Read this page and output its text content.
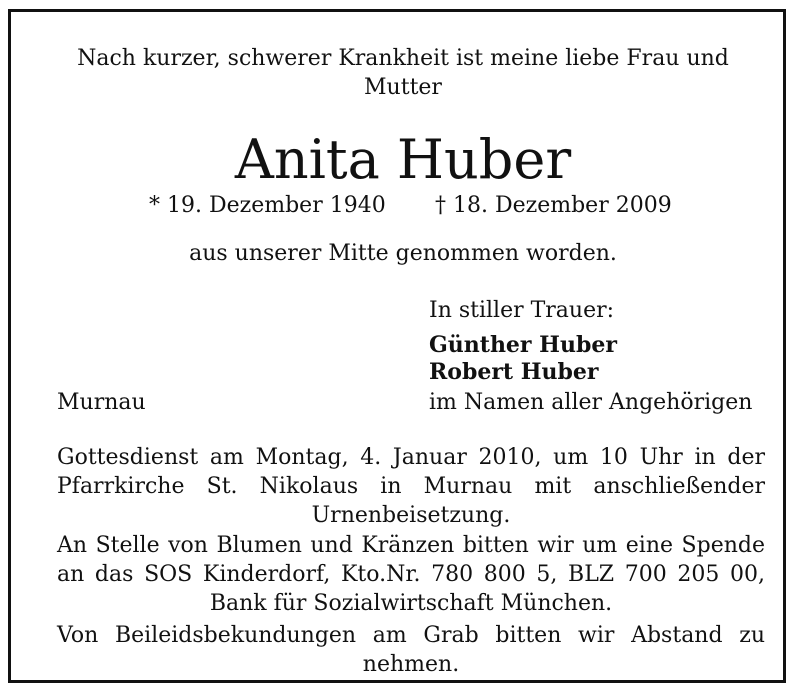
Nach kurzer, schwerer Krankheit ist meine liebe Frau und Mutter
Anita Huber
* 19. Dezember 1940 † 18. Dezember 2009
aus unserer Mitte genommen worden.
In stiller Trauer:
Günther Huber
Robert Huber
im Namen aller Angehörigen
Murnau
Gottesdienst am Montag, 4. Januar 2010, um 10 Uhr in der Pfarrkirche St. Nikolaus in Murnau mit anschließender Urnenbeisetzung.
An Stelle von Blumen und Kränzen bitten wir um eine Spende an das SOS Kinderdorf, Kto.Nr. 780 800 5, BLZ 700 205 00, Bank für Sozialwirtschaft München.
Von Beileidsbekundungen am Grab bitten wir Abstand zu nehmen.
